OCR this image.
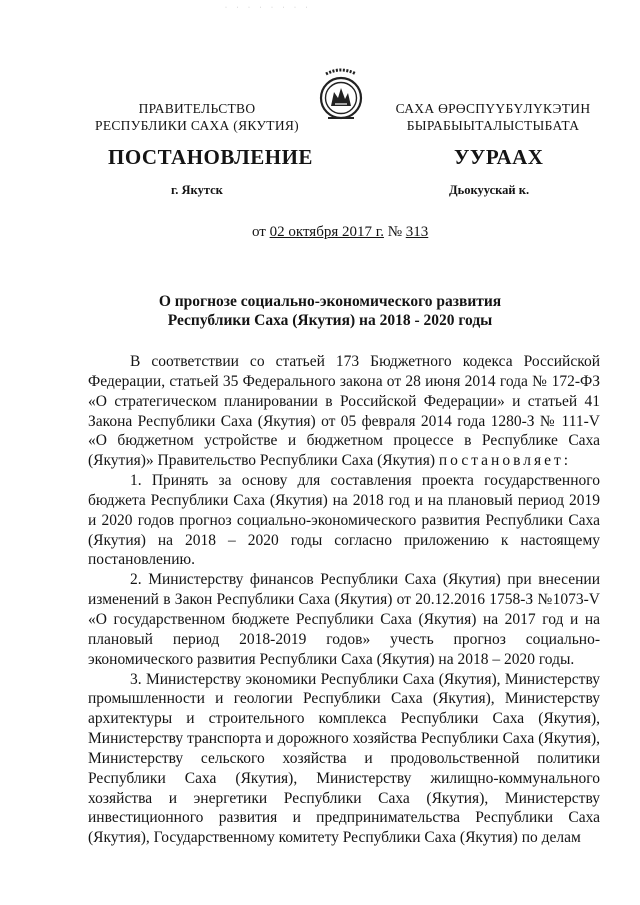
· · · · · · · ·
ПРАВИТЕЛЬСТВО
РЕСПУБЛИКИ САХА (ЯКУТИЯ)
САХА ӨРӨСПҮҮБҮЛҮКЭТИН
БЫРАБЫЫТАЛЫСТЫБАТА
ПОСТАНОВЛЕНИЕ	УУРААХ
г. Якутск	Дьокуускай к.
от 02 октября 2017 г. № 313
О прогнозе социально-экономического развития
Республики Саха (Якутия) на 2018 - 2020 годы

В соответствии со статьей 173 Бюджетного кодекса Российской Федерации, статьей 35 Федерального закона от 28 июня 2014 года № 172-ФЗ «О стратегическом планировании в Российской Федерации» и статьей 41 Закона Республики Саха (Якутия) от 05 февраля 2014 года 1280-З № 111-V «О бюджетном устройстве и бюджетном процессе в Республике Саха (Якутия)» Правительство Республики Саха (Якутия) постановляет:

1. Принять за основу для составления проекта государственного бюджета Республики Саха (Якутия) на 2018 год и на плановый период 2019 и 2020 годов прогноз социально-экономического развития Республики Саха (Якутия) на 2018 – 2020 годы согласно приложению к настоящему постановлению.

2. Министерству финансов Республики Саха (Якутия) при внесении изменений в Закон Республики Саха (Якутия) от 20.12.2016 1758-З №1073-V «О государственном бюджете Республики Саха (Якутия) на 2017 год и на плановый период 2018-2019 годов» учесть прогноз социально-экономического развития Республики Саха (Якутия) на 2018 – 2020 годы.

3. Министерству экономики Республики Саха (Якутия), Министерству промышленности и геологии Республики Саха (Якутия), Министерству архитектуры и строительного комплекса Республики Саха (Якутия), Министерству транспорта и дорожного хозяйства Республики Саха (Якутия), Министерству сельского хозяйства и продовольственной политики Республики Саха (Якутия), Министерству жилищно-коммунального хозяйства и энергетики Республики Саха (Якутия), Министерству инвестиционного развития и предпринимательства Республики Саха (Якутия), Государственному комитету Республики Саха (Якутия) по делам
